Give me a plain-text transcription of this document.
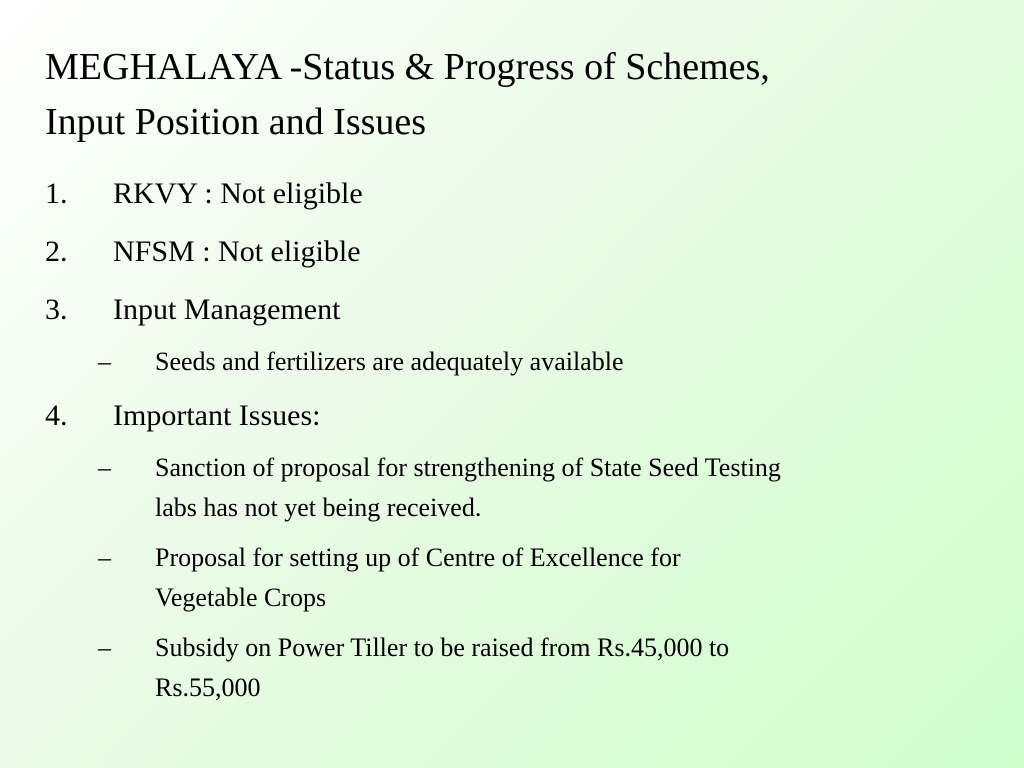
MEGHALAYA -Status & Progress of Schemes,
Input Position and Issues
1. RKVY : Not eligible
2. NFSM : Not eligible
3. Input Management
– Seeds and fertilizers are adequately available
4. Important Issues:
– Sanction of proposal for strengthening of State Seed Testing
labs has not yet being received.
– Proposal for setting up of Centre of Excellence for
Vegetable Crops
– Subsidy on Power Tiller to be raised from Rs.45,000 to
Rs.55,000
